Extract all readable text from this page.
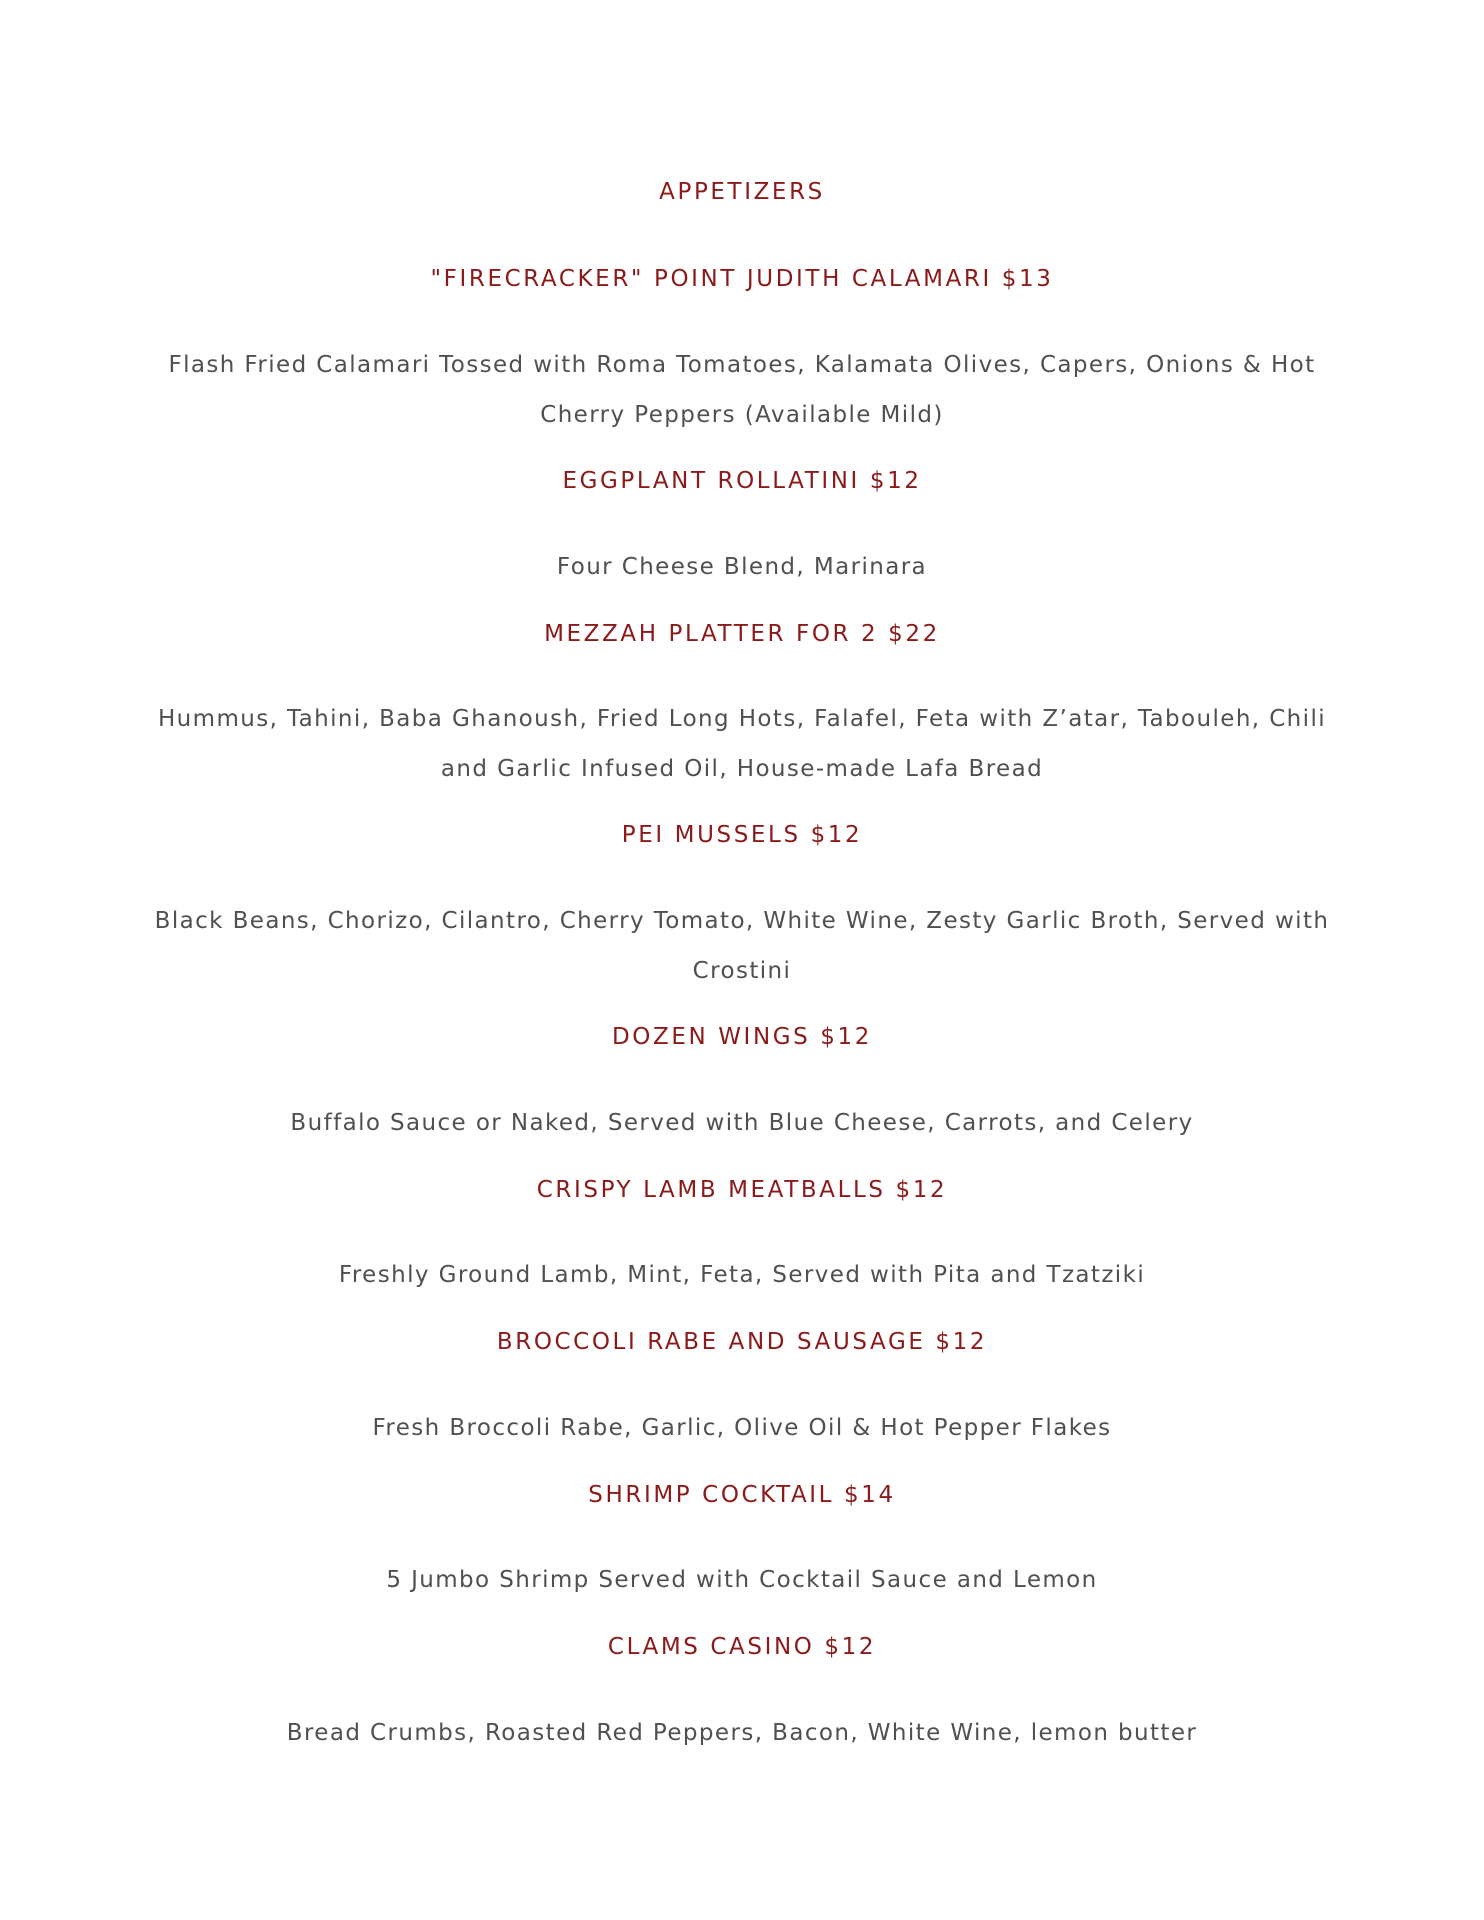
APPETIZERS
"FIRECRACKER" POINT JUDITH CALAMARI $13
Flash Fried Calamari Tossed with Roma Tomatoes, Kalamata Olives, Capers, Onions & Hot
Cherry Peppers (Available Mild)
EGGPLANT ROLLATINI $12
Four Cheese Blend, Marinara
MEZZAH PLATTER FOR 2 $22
Hummus, Tahini, Baba Ghanoush, Fried Long Hots, Falafel, Feta with Z’atar, Tabouleh, Chili
and Garlic Infused Oil, House-made Lafa Bread
PEI MUSSELS $12
Black Beans, Chorizo, Cilantro, Cherry Tomato, White Wine, Zesty Garlic Broth, Served with
Crostini
DOZEN WINGS $12
Buffalo Sauce or Naked, Served with Blue Cheese, Carrots, and Celery
CRISPY LAMB MEATBALLS $12
Freshly Ground Lamb, Mint, Feta, Served with Pita and Tzatziki
BROCCOLI RABE AND SAUSAGE $12
Fresh Broccoli Rabe, Garlic, Olive Oil & Hot Pepper Flakes
SHRIMP COCKTAIL $14
5 Jumbo Shrimp Served with Cocktail Sauce and Lemon
CLAMS CASINO $12
Bread Crumbs, Roasted Red Peppers, Bacon, White Wine, lemon butter
